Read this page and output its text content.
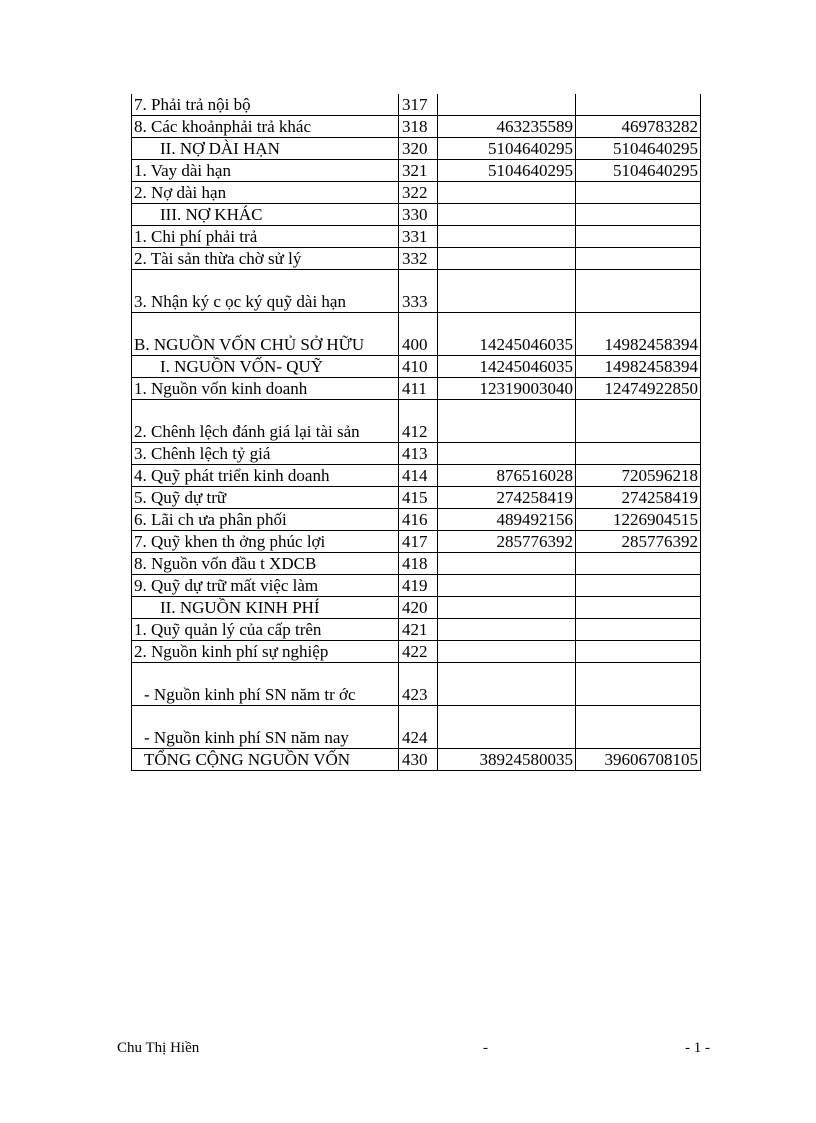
7. Phải trả nội bộ	317		
8. Các khoảnphải trả khác	318	463235589	469783282
II. NỢ DÀI HẠN	320	5104640295	5104640295
1. Vay dài hạn	321	5104640295	5104640295
2. Nợ dài hạn	322		
III. NỢ KHÁC	330		
1. Chi phí phải trả	331		
2. Tài sản thừa chờ sử lý	332		
3. Nhận ký c ọc ký quỹ dài hạn	333		
B. NGUỒN VỐN CHỦ SỞ HỮU	400	14245046035	14982458394
I. NGUỒN VỐN- QUỸ	410	14245046035	14982458394
1. Nguồn vốn kinh doanh	411	12319003040	12474922850
2. Chênh lệch đánh giá lại tài sản	412		
3. Chênh lệch tỷ giá	413		
4. Quỹ phát triển kinh doanh	414	876516028	720596218
5. Quỹ dự trữ	415	274258419	274258419
6. Lãi ch ưa phân phối	416	489492156	1226904515
7. Quỹ khen th ởng phúc lợi	417	285776392	285776392
8. Nguồn vốn đầu t XDCB	418		
9. Quỹ dự trữ mất việc làm	419		
II. NGUỒN KINH PHÍ	420		
1. Quỹ quản lý của cấp trên	421		
2. Nguồn kinh phí sự nghiệp	422		
- Nguồn kinh phí SN năm tr ớc	423		
- Nguồn kinh phí SN năm nay	424		
TỔNG CỘNG NGUỒN VỐN	430	38924580035	39606708105
Chu Thị Hiền	-	- 1 -
